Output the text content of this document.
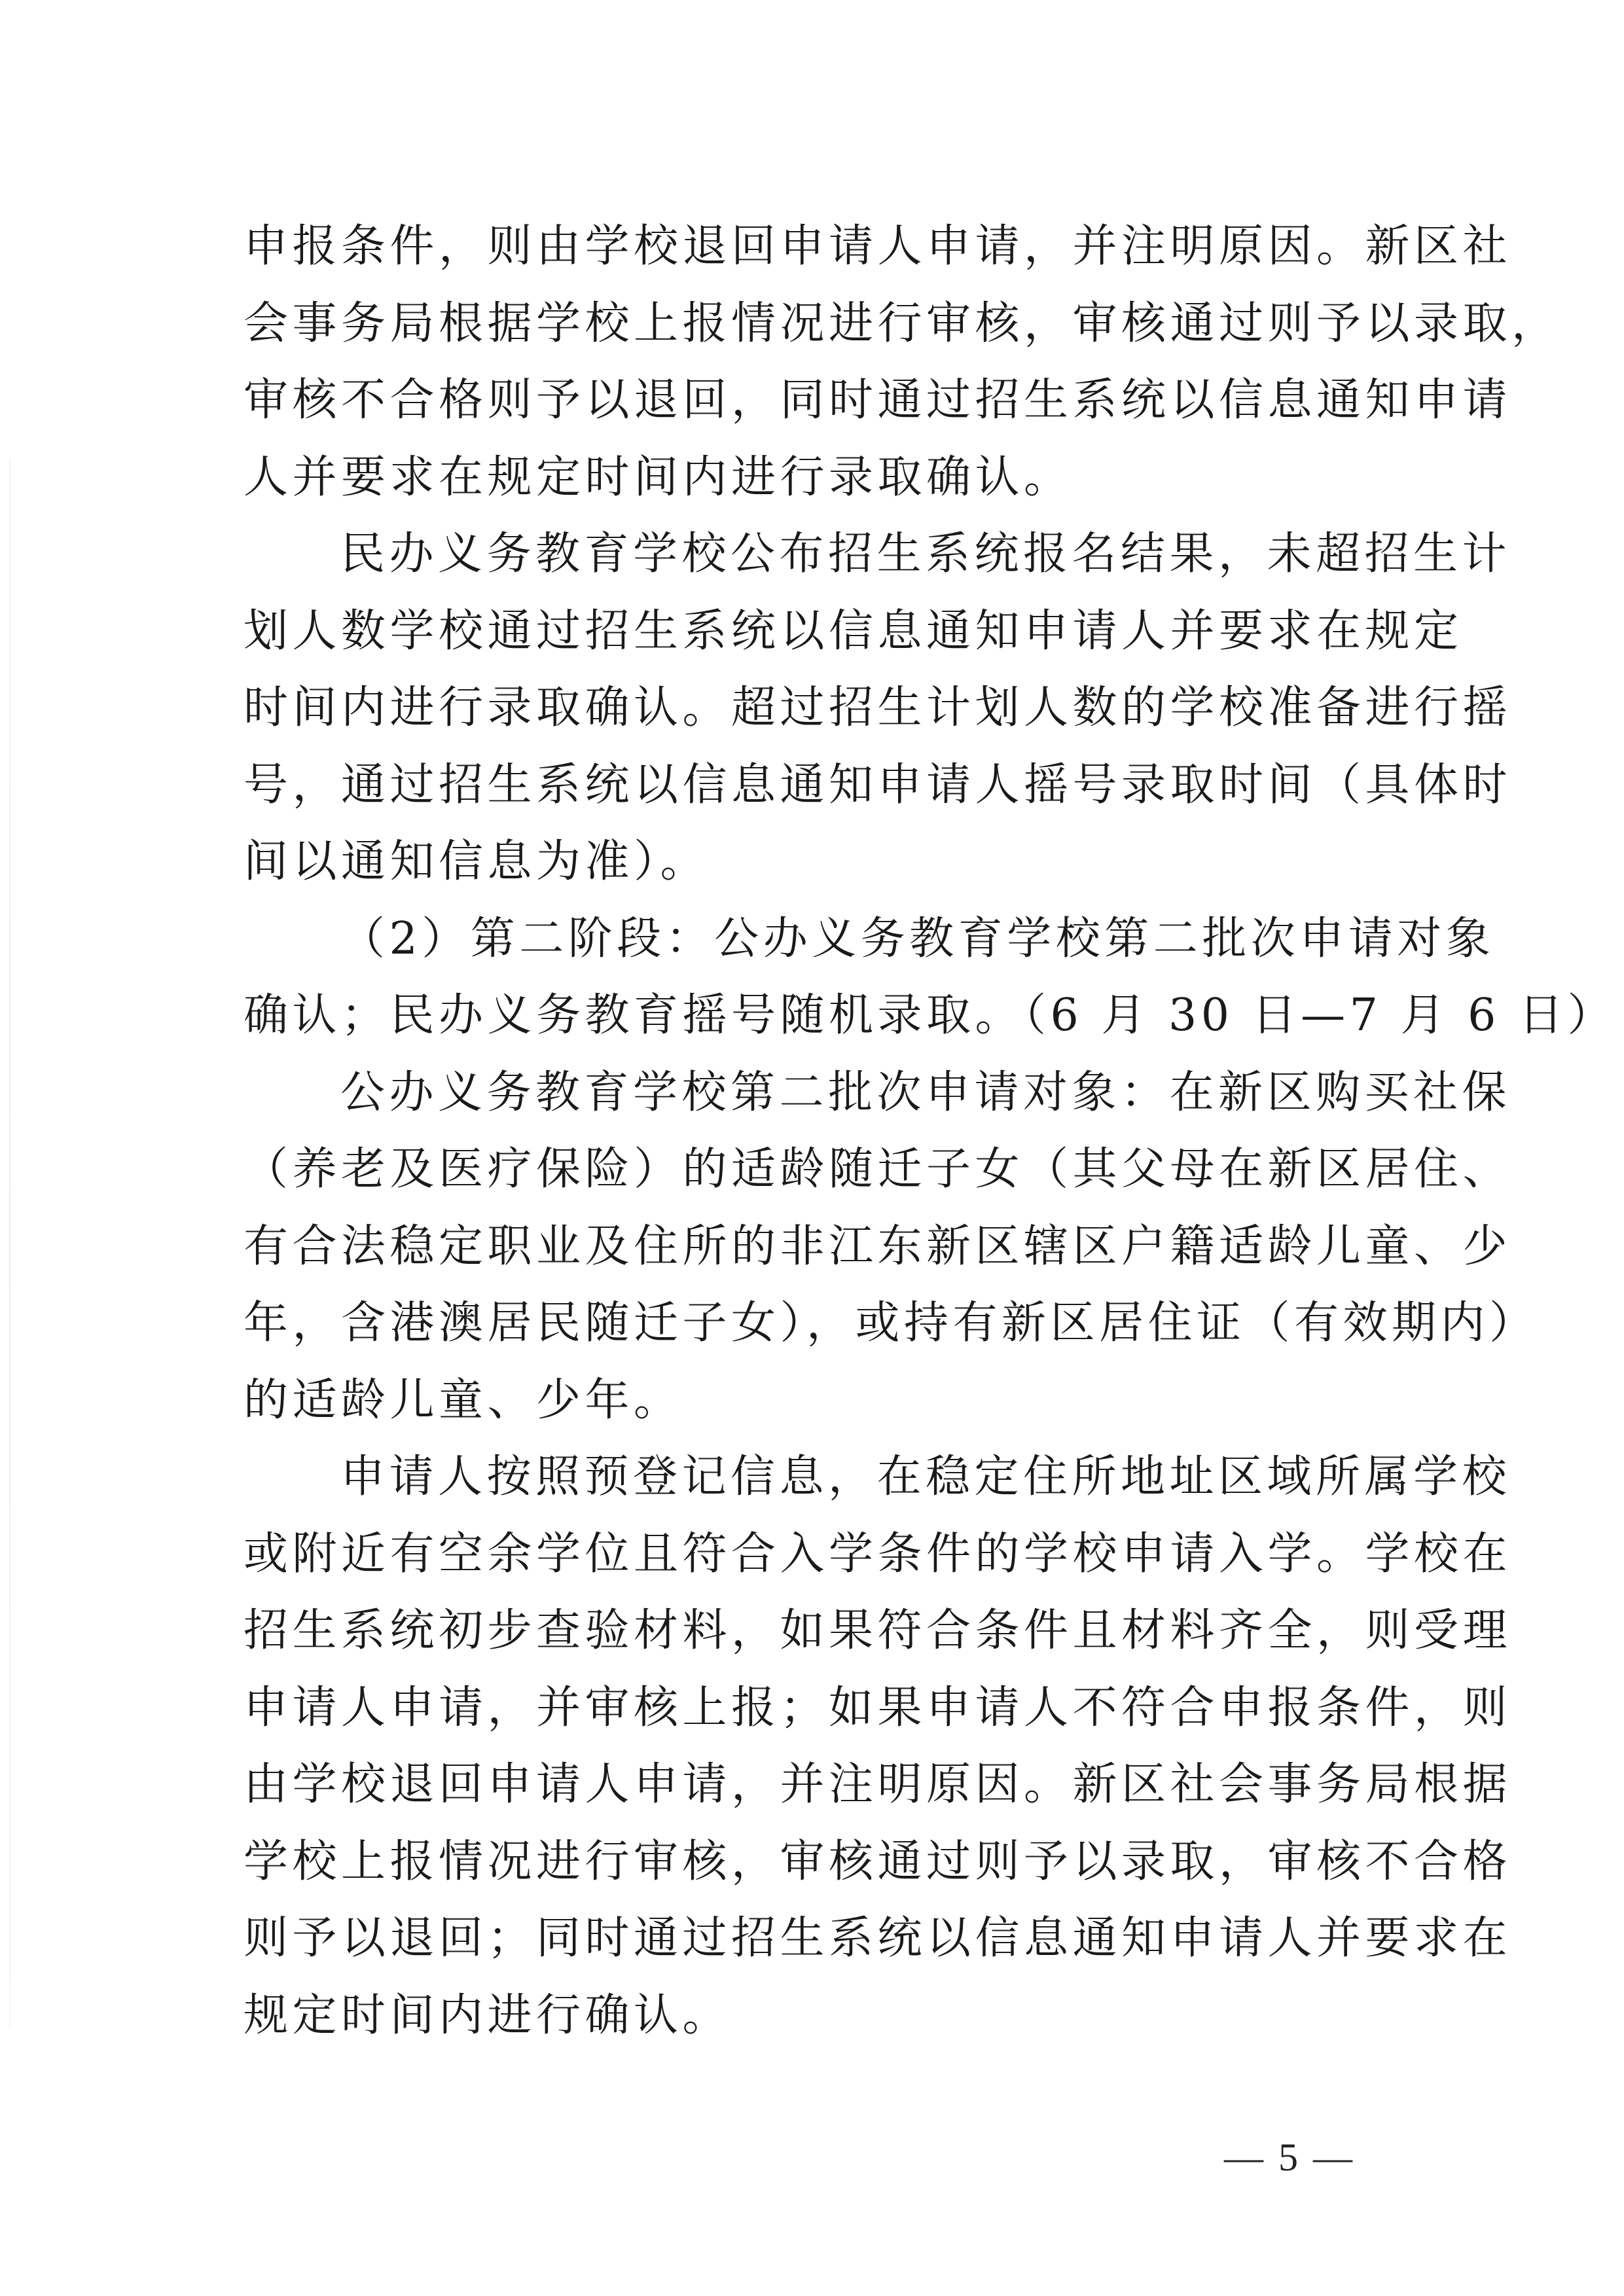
申报条件，则由学校退回申请人申请，并注明原因。新区社
会事务局根据学校上报情况进行审核，审核通过则予以录取，
审核不合格则予以退回，同时通过招生系统以信息通知申请
人并要求在规定时间内进行录取确认。

民办义务教育学校公布招生系统报名结果，未超招生计
划人数学校通过招生系统以信息通知申请人并要求在规定
时间内进行录取确认。超过招生计划人数的学校准备进行摇
号，通过招生系统以信息通知申请人摇号录取时间（具体时
间以通知信息为准）。

（2）第二阶段：公办义务教育学校第二批次申请对象
确认；民办义务教育摇号随机录取。（6 月 30 日—7 月 6 日）

公办义务教育学校第二批次申请对象：在新区购买社保
（养老及医疗保险）的适龄随迁子女（其父母在新区居住、
有合法稳定职业及住所的非江东新区辖区户籍适龄儿童、少
年，含港澳居民随迁子女），或持有新区居住证（有效期内）
的适龄儿童、少年。

申请人按照预登记信息，在稳定住所地址区域所属学校
或附近有空余学位且符合入学条件的学校申请入学。学校在
招生系统初步查验材料，如果符合条件且材料齐全，则受理
申请人申请，并审核上报；如果申请人不符合申报条件，则
由学校退回申请人申请，并注明原因。新区社会事务局根据
学校上报情况进行审核，审核通过则予以录取，审核不合格
则予以退回；同时通过招生系统以信息通知申请人并要求在
规定时间内进行确认。

— 5 —
